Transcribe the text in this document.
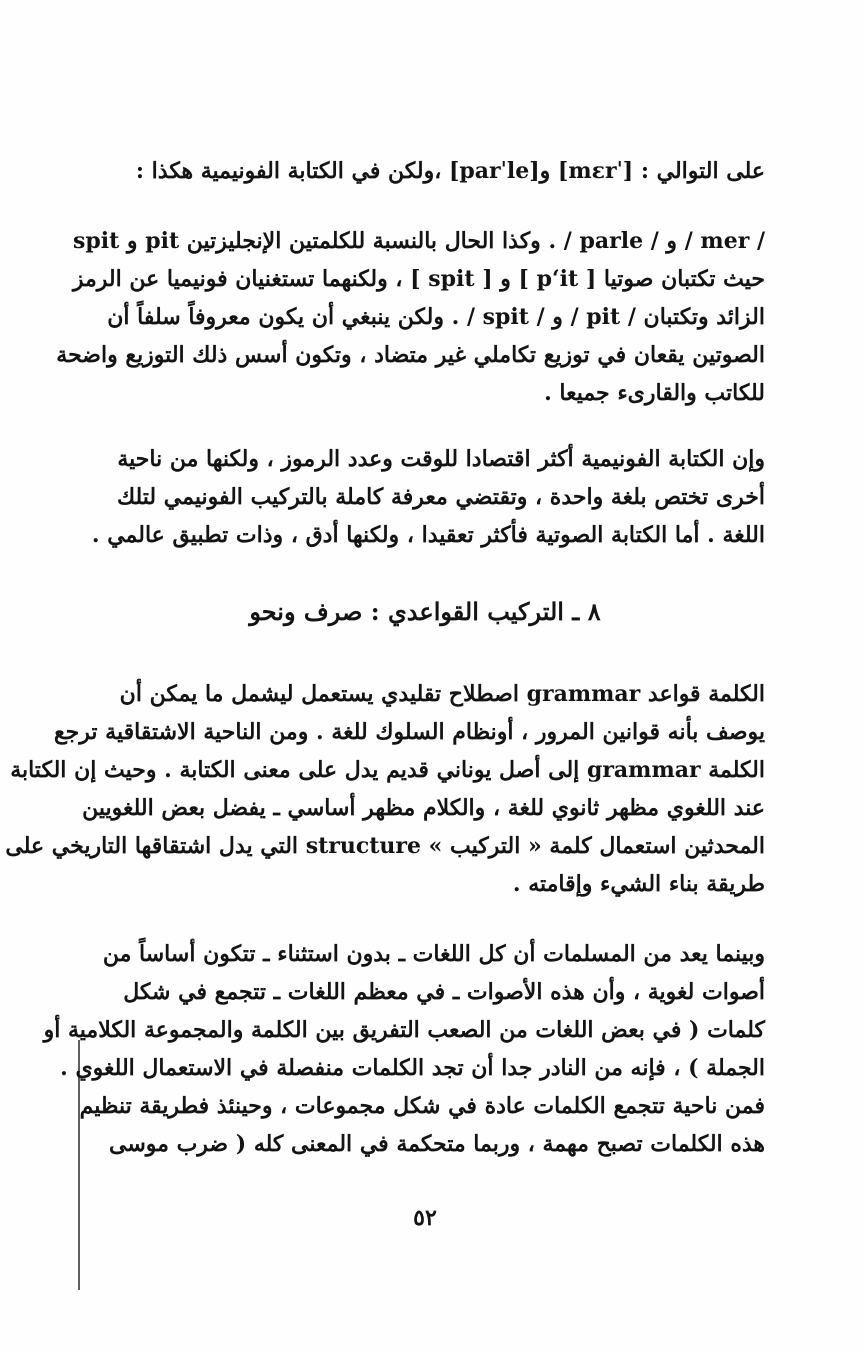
على التوالي : [ˈmɛr] و[parˈle] ،ولكن في الكتابة الفونيمية هكذا :
/ mer / و / parle / . وكذا الحال بالنسبة للكلمتين الإنجليزتين pit و spit
حيث تكتبان صوتيا [ pʻit ] و [ spit ] ، ولكنهما تستغنيان فونيميا عن الرمز
الزائد وتكتبان / pit / و / spit / . ولكن ينبغي أن يكون معروفاً سلفاً أن
الصوتين يقعان في توزيع تكاملي غير متضاد ، وتكون أسس ذلك التوزيع واضحة
للكاتب والقارىء جميعا .
وإن الكتابة الفونيمية أكثر اقتصادا للوقت وعدد الرموز ، ولكنها من ناحية
أخرى تختص بلغة واحدة ، وتقتضي معرفة كاملة بالتركيب الفونيمي لتلك
اللغة . أما الكتابة الصوتية فأكثر تعقيدا ، ولكنها أدق ، وذات تطبيق عالمي .
٨ ـ التركيب القواعدي : صرف ونحو
الكلمة قواعد grammar اصطلاح تقليدي يستعمل ليشمل ما يمكن أن
يوصف بأنه قوانين المرور ، أونظام السلوك للغة . ومن الناحية الاشتقاقية ترجع
الكلمة grammar إلى أصل يوناني قديم يدل على معنى الكتابة . وحيث إن الكتابة
عند اللغوي مظهر ثانوي للغة ، والكلام مظهر أساسي ـ يفضل بعض اللغويين
المحدثين استعمال كلمة « التركيب » structure التي يدل اشتقاقها التاريخي على
طريقة بناء الشيء وإقامته .
وبينما يعد من المسلمات أن كل اللغات ـ بدون استثناء ـ تتكون أساساً من
أصوات لغوية ، وأن هذه الأصوات ـ في معظم اللغات ـ تتجمع في شكل
كلمات ( في بعض اللغات من الصعب التفريق بين الكلمة والمجموعة الكلامية أو
الجملة ) ، فإنه من النادر جدا أن تجد الكلمات منفصلة في الاستعمال اللغوي .
فمن ناحية تتجمع الكلمات عادة في شكل مجموعات ، وحينئذ فطريقة تنظيم
هذه الكلمات تصبح مهمة ، وربما متحكمة في المعنى كله ( ضرب موسى
٥٢
